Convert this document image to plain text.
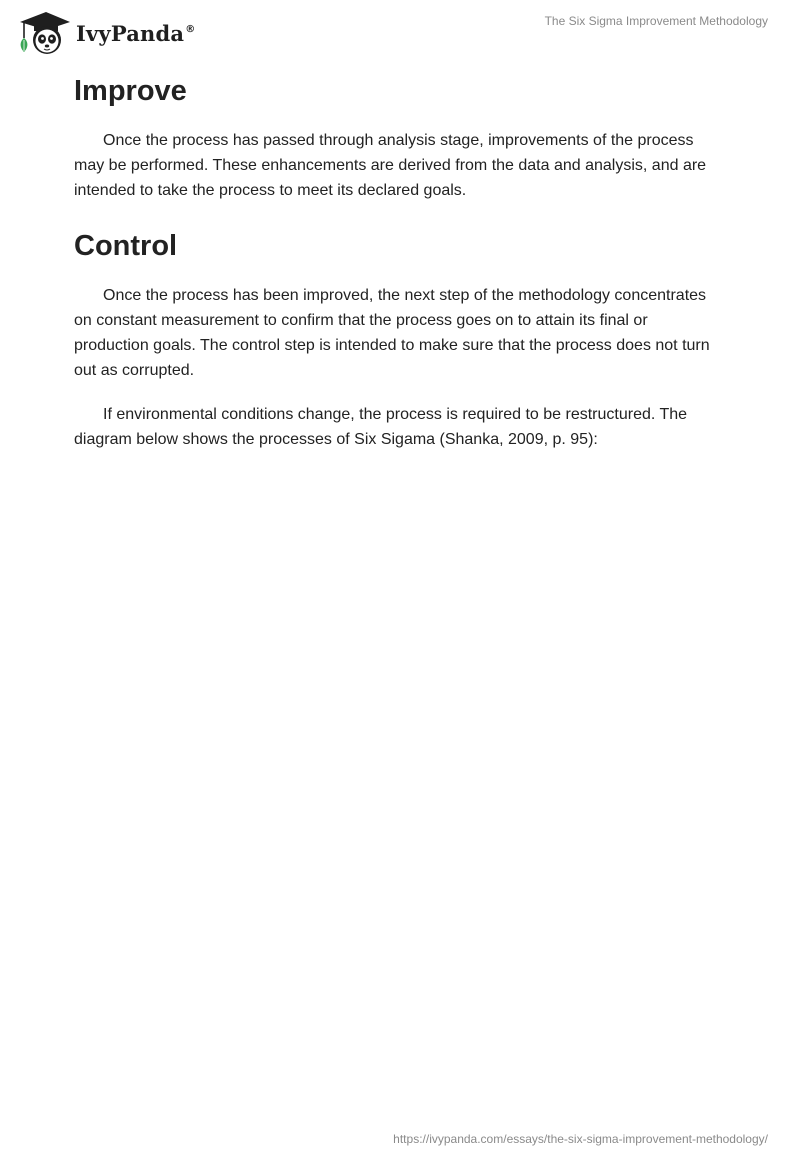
IvyPanda®
The Six Sigma Improvement Methodology
Improve

Once the process has passed through analysis stage, improvements of the process may be performed. These enhancements are derived from the data and analysis, and are intended to take the process to meet its declared goals.

Control

Once the process has been improved, the next step of the methodology concentrates on constant measurement to confirm that the process goes on to attain its final or production goals. The control step is intended to make sure that the process does not turn out as corrupted.

If environmental conditions change, the process is required to be restructured. The diagram below shows the processes of Six Sigama (Shanka, 2009, p. 95):

https://ivypanda.com/essays/the-six-sigma-improvement-methodology/
